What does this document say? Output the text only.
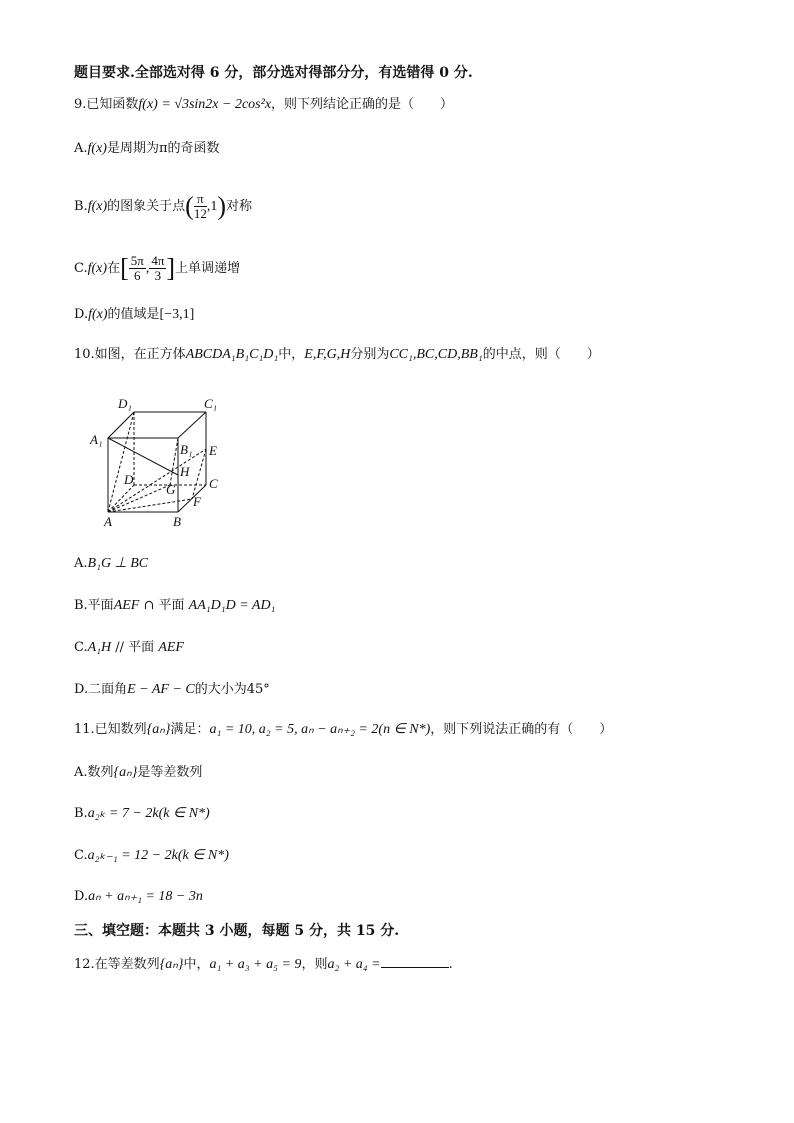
题目要求.全部选对得 6 分，部分选对得部分分，有选错得 0 分.
9.已知函数f(x) = √3sin2x − 2cos²x，则下列结论正确的是（　　）
A.f(x)是周期为π的奇函数
B.f(x)的图象关于点( $\frac{\pi}{12} ,1$)对称
C.f(x)在[ $\frac{5\pi}{6}$ , $\frac{4\pi}{3}$ ]上单调递增
D.f(x)的值域是[−3,1]
10.如图，在正方体ABCDA₁B₁C₁D₁中，E,F,G,H分别为CC₁,BC,CD,BB₁的中点，则（　　）
D₁	C₁
A₁
B₁ E
H
D
G	C
F
A	B
A.B₁G ⊥ BC
B.平面AEF ∩ 平面 AA₁D₁D = AD₁
C.A₁H // 平面 AEF
D.二面角E − AF − C的大小为45°
11.已知数列{aₙ}满足：a₁ = 10, a₂ = 5, aₙ − aₙ₊₂ = 2(n ∈ N*)，则下列说法正确的有（　　）
A.数列{aₙ}是等差数列
B.a₂ₖ = 7 − 2k(k ∈ N*)
C.a₂ₖ₋₁ = 12 − 2k(k ∈ N*)
D.aₙ + aₙ₊₁ = 18 − 3n
三、填空题：本题共 3 小题，每题 5 分，共 15 分.
12.在等差数列{aₙ}中，a₁ + a₃ + a₅ = 9，则a₂ + a₄ =	.
